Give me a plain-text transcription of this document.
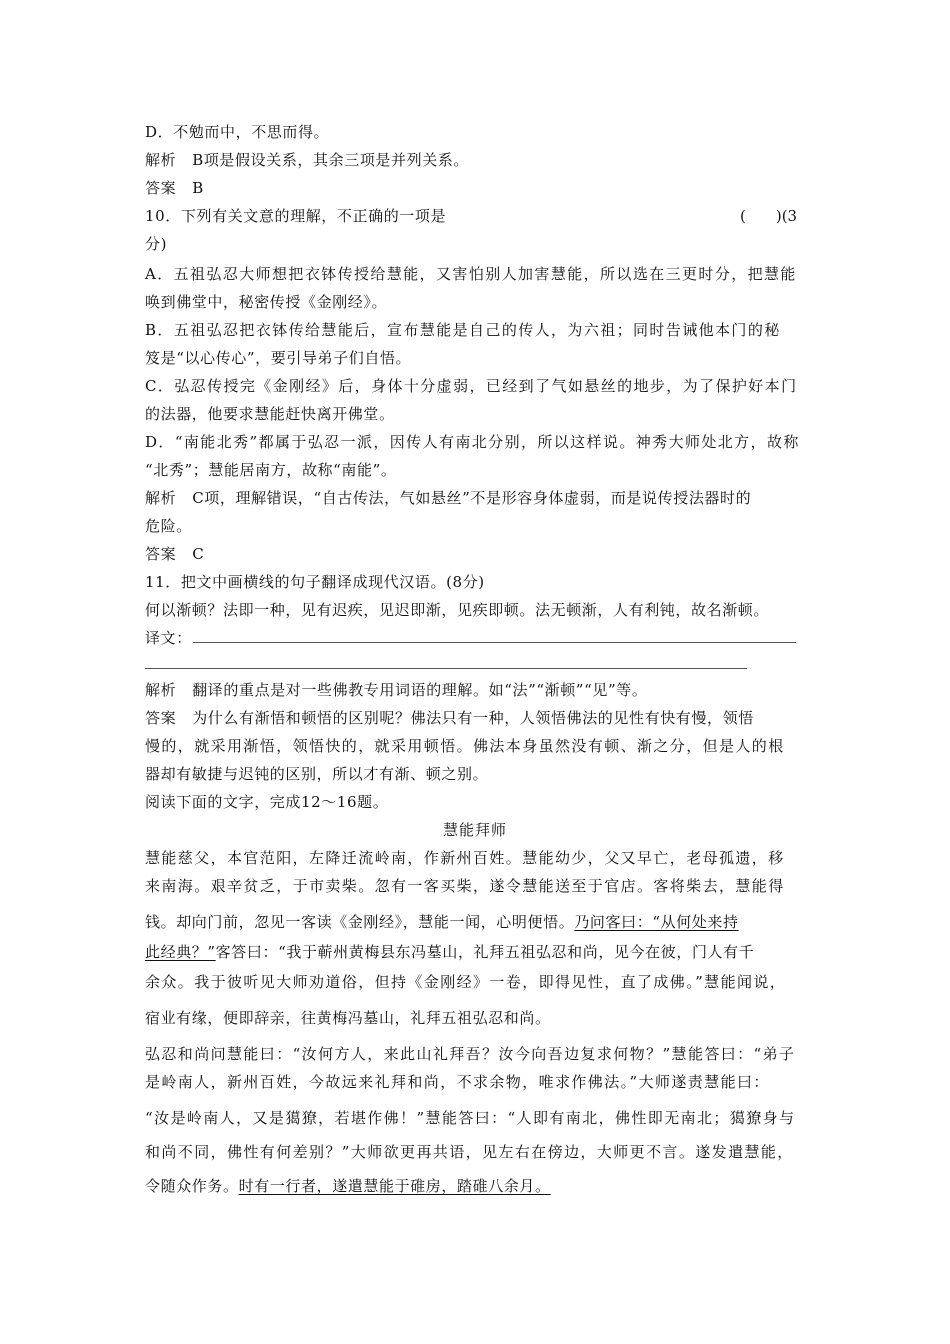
D．不勉而中，不思而得。
解析 B项是假设关系，其余三项是并列关系。
答案 B
10．下列有关文意的理解，不正确的一项是	(　　)(3
分)
A．五祖弘忍大师想把衣钵传授给慧能，又害怕别人加害慧能，所以选在三更时分，把慧能
唤到佛堂中，秘密传授《金刚经》。
B．五祖弘忍把衣钵传给慧能后，宣布慧能是自己的传人，为六祖；同时告诫他本门的秘
笈是“以心传心”，要引导弟子们自悟。
C．弘忍传授完《金刚经》后，身体十分虚弱，已经到了气如悬丝的地步，为了保护好本门
的法器，他要求慧能赶快离开佛堂。
D．“南能北秀”都属于弘忍一派，因传人有南北分别，所以这样说。神秀大师处北方，故称
“北秀”；慧能居南方，故称“南能”。
解析 C项，理解错误，“自古传法，气如悬丝”不是形容身体虚弱，而是说传授法器时的
危险。
答案 C
11．把文中画横线的句子翻译成现代汉语。(8分)
何以渐顿？法即一种，见有迟疾，见迟即渐，见疾即顿。法无顿渐，人有利钝，故名渐顿。
译文：
解析 翻译的重点是对一些佛教专用词语的理解。如“法”“渐顿”“见”等。
答案 为什么有渐悟和顿悟的区别呢？佛法只有一种，人领悟佛法的见性有快有慢，领悟
慢的，就采用渐悟，领悟快的，就采用顿悟。佛法本身虽然没有顿、渐之分，但是人的根
器却有敏捷与迟钝的区别，所以才有渐、顿之别。
阅读下面的文字，完成12～16题。
慧能拜师
慧能慈父，本官范阳，左降迁流岭南，作新州百姓。慧能幼少，父又早亡，老母孤遗，移
来南海。艰辛贫乏，于市卖柴。忽有一客买柴，遂令慧能送至于官店。客将柴去，慧能得
钱。却向门前，忽见一客读《金刚经》，慧能一闻，心明便悟。乃问客曰：“从何处来持
此经典？”客答曰：“我于蕲州黄梅县东冯墓山，礼拜五祖弘忍和尚，见今在彼，门人有千
余众。我于彼听见大师劝道俗，但持《金刚经》一卷，即得见性，直了成佛。”慧能闻说，
宿业有缘，便即辞亲，往黄梅冯墓山，礼拜五祖弘忍和尚。
弘忍和尚问慧能曰：“汝何方人，来此山礼拜吾？汝今向吾边复求何物？”慧能答曰：“弟子
是岭南人，新州百姓，今故远来礼拜和尚，不求余物，唯求作佛法。”大师遂责慧能曰：
“汝是岭南人，又是獦獠，若堪作佛！”慧能答曰：“人即有南北，佛性即无南北；獦獠身与
和尚不同，佛性有何差别？”大师欲更再共语，见左右在傍边，大师更不言。遂发遣慧能，
令随众作务。时有一行者，遂遣慧能于碓房，踏碓八余月。
